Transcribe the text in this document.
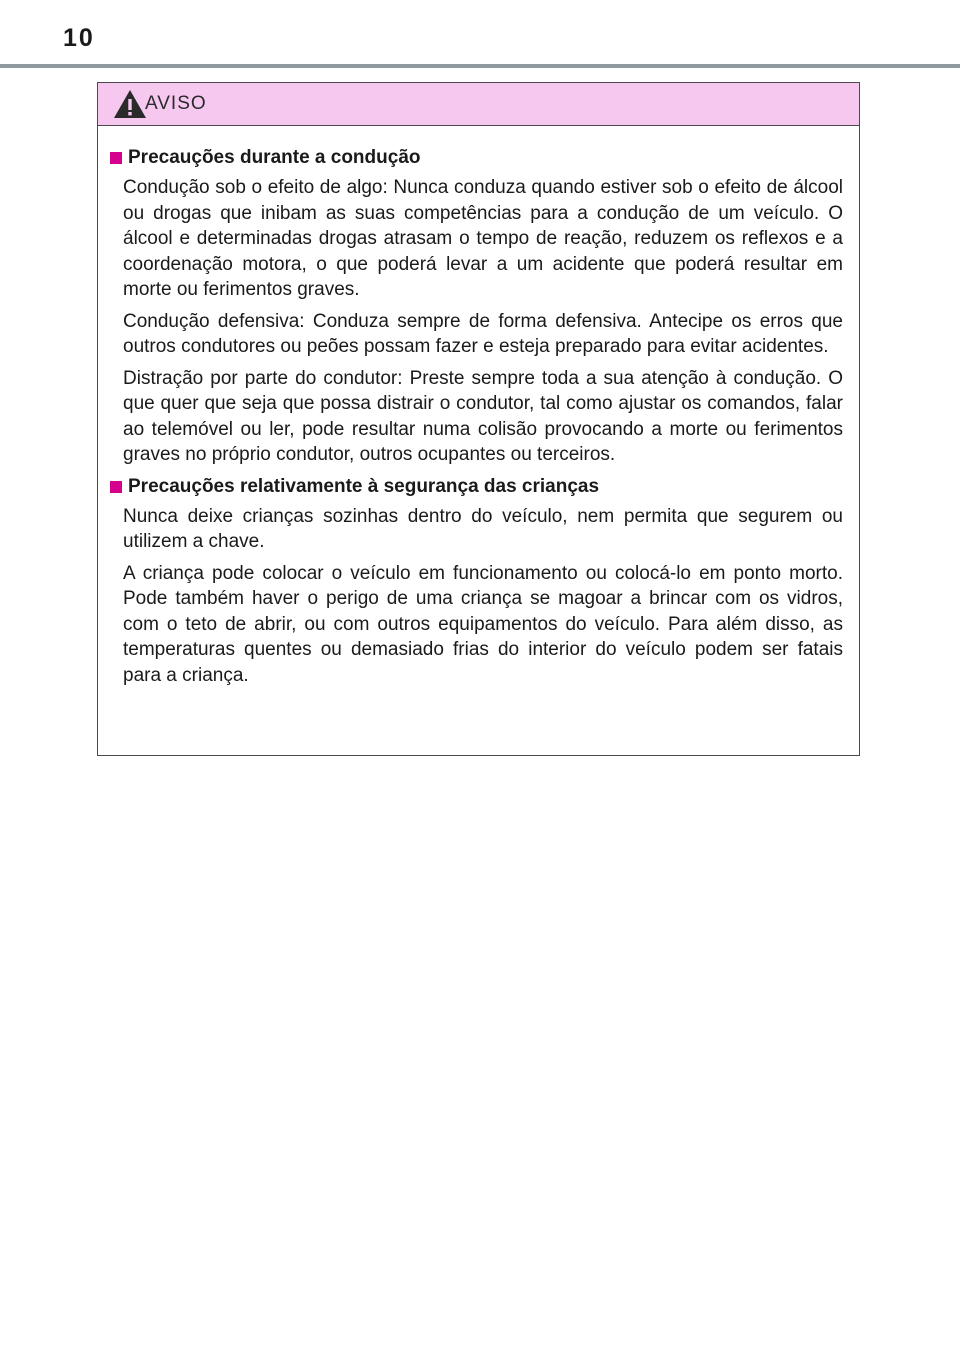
10
AVISO
Precauções durante a condução

Condução sob o efeito de algo: Nunca conduza quando estiver sob o efeito de álcool ou drogas que inibam as suas competências para a condução de um veículo. O álcool e determinadas drogas atrasam o tempo de reação, reduzem os reflexos e a coordenação motora, o que poderá levar a um acidente que poderá resultar em morte ou ferimentos graves.

Condução defensiva: Conduza sempre de forma defensiva. Antecipe os erros que outros condutores ou peões possam fazer e esteja preparado para evitar acidentes.

Distração por parte do condutor: Preste sempre toda a sua atenção à condução. O que quer que seja que possa distrair o condutor, tal como ajustar os comandos, falar ao telemóvel ou ler, pode resultar numa colisão provocando a morte ou ferimentos graves no próprio condutor, outros ocupantes ou terceiros.

Precauções relativamente à segurança das crianças

Nunca deixe crianças sozinhas dentro do veículo, nem permita que segurem ou utilizem a chave.

A criança pode colocar o veículo em funcionamento ou colocá-lo em ponto morto. Pode também haver o perigo de uma criança se magoar a brincar com os vidros, com o teto de abrir, ou com outros equipamentos do veículo. Para além disso, as temperaturas quentes ou demasiado frias do interior do veículo podem ser fatais para a criança.
